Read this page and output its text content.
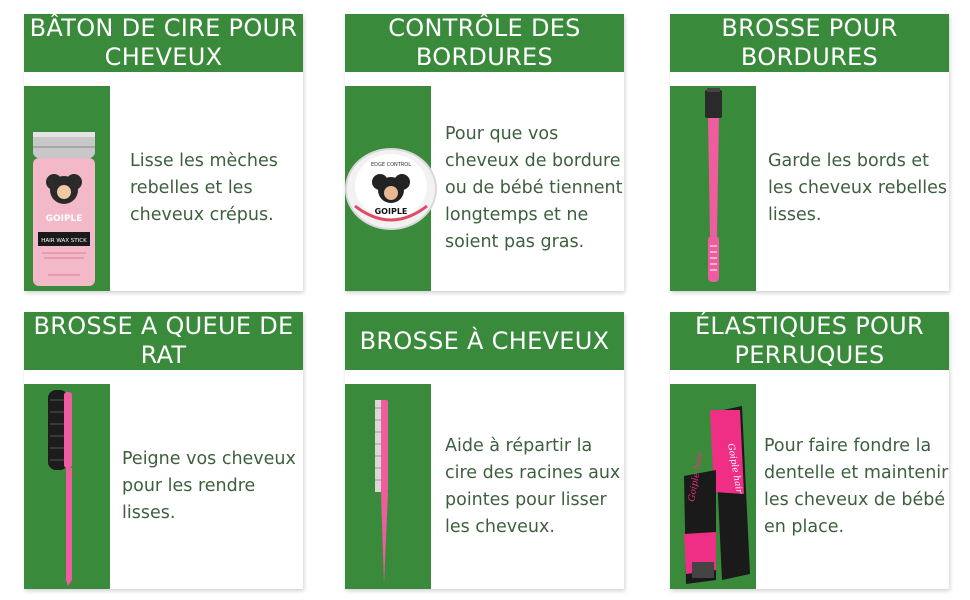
BÂTON DE CIRE POUR CHEVEUX
GOIPLE
HAIR WAX STICK
Lisse les mèches rebelles et les cheveux crépus.
CONTRÔLE DES BORDURES
EDGE CONTROL
GOIPLE
Pour que vos cheveux de bordure ou de bébé tiennent longtemps et ne soient pas gras.
BROSSE POUR BORDURES
Garde les bords et les cheveux rebelles lisses.
BROSSE A QUEUE DE RAT
Peigne vos cheveux pour les rendre lisses.
BROSSE À CHEVEUX
Aide à répartir la cire des racines aux pointes pour lisser les cheveux.
ÉLASTIQUES POUR PERRUQUES
Goiple hair
Goiple hair
Pour faire fondre la dentelle et maintenir les cheveux de bébé en place.
